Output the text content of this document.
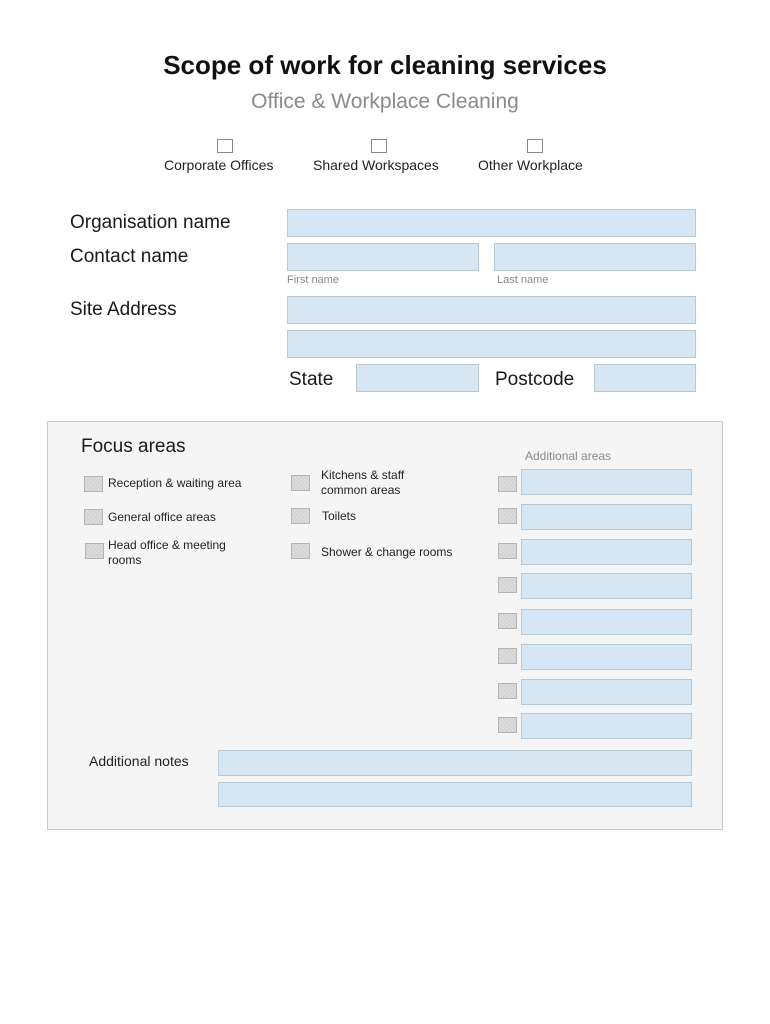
Scope of work for cleaning services
Office & Workplace Cleaning
Corporate Offices	Shared Workspaces	Other Workplace
Organisation name
Contact name
First name	Last name
Site Address
State	Postcode
Focus areas	Additional areas
Reception & waiting area
General office areas
Head office & meeting rooms
Kitchens & staff common areas
Toilets
Shower & change rooms
Additional notes
